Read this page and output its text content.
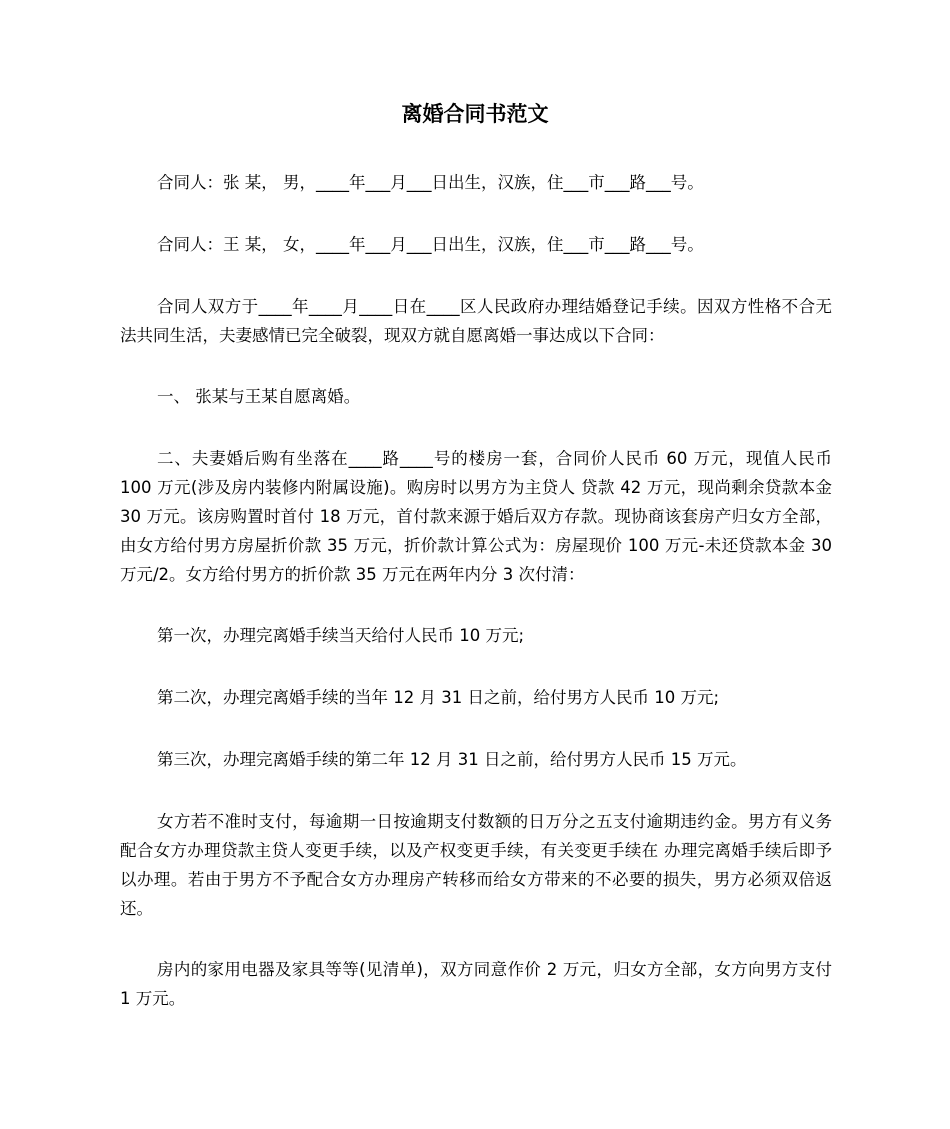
离婚合同书范文

合同人：张 某， 男，____年___月___日出生，汉族，住___市___路___号。

合同人：王 某， 女，____年___月___日出生，汉族，住___市___路___号。

合同人双方于____年____月____日在____区人民政府办理结婚登记手续。因双方性格不合无法共同生活，夫妻感情已完全破裂，现双方就自愿离婚一事达成以下合同：

一、 张某与王某自愿离婚。

二、夫妻婚后购有坐落在____路____号的楼房一套，合同价人民币 60 万元，现值人民币 100 万元(涉及房内装修内附属设施)。购房时以男方为主贷人 贷款 42 万元，现尚剩余贷款本金 30 万元。该房购置时首付 18 万元，首付款来源于婚后双方存款。现协商该套房产归女方全部，由女方给付男方房屋折价款 35 万元，折价款计算公式为：房屋现价 100 万元-未还贷款本金 30 万元/2。女方给付男方的折价款 35 万元在两年内分 3 次付清：

第一次，办理完离婚手续当天给付人民币 10 万元;

第二次，办理完离婚手续的当年 12 月 31 日之前，给付男方人民币 10 万元;

第三次，办理完离婚手续的第二年 12 月 31 日之前，给付男方人民币 15 万元。

女方若不准时支付，每逾期一日按逾期支付数额的日万分之五支付逾期违约金。男方有义务配合女方办理贷款主贷人变更手续，以及产权变更手续，有关变更手续在 办理完离婚手续后即予以办理。若由于男方不予配合女方办理房产转移而给女方带来的不必要的损失，男方必须双倍返还。

房内的家用电器及家具等等(见清单)，双方同意作价 2 万元，归女方全部，女方向男方支付 1 万元。
